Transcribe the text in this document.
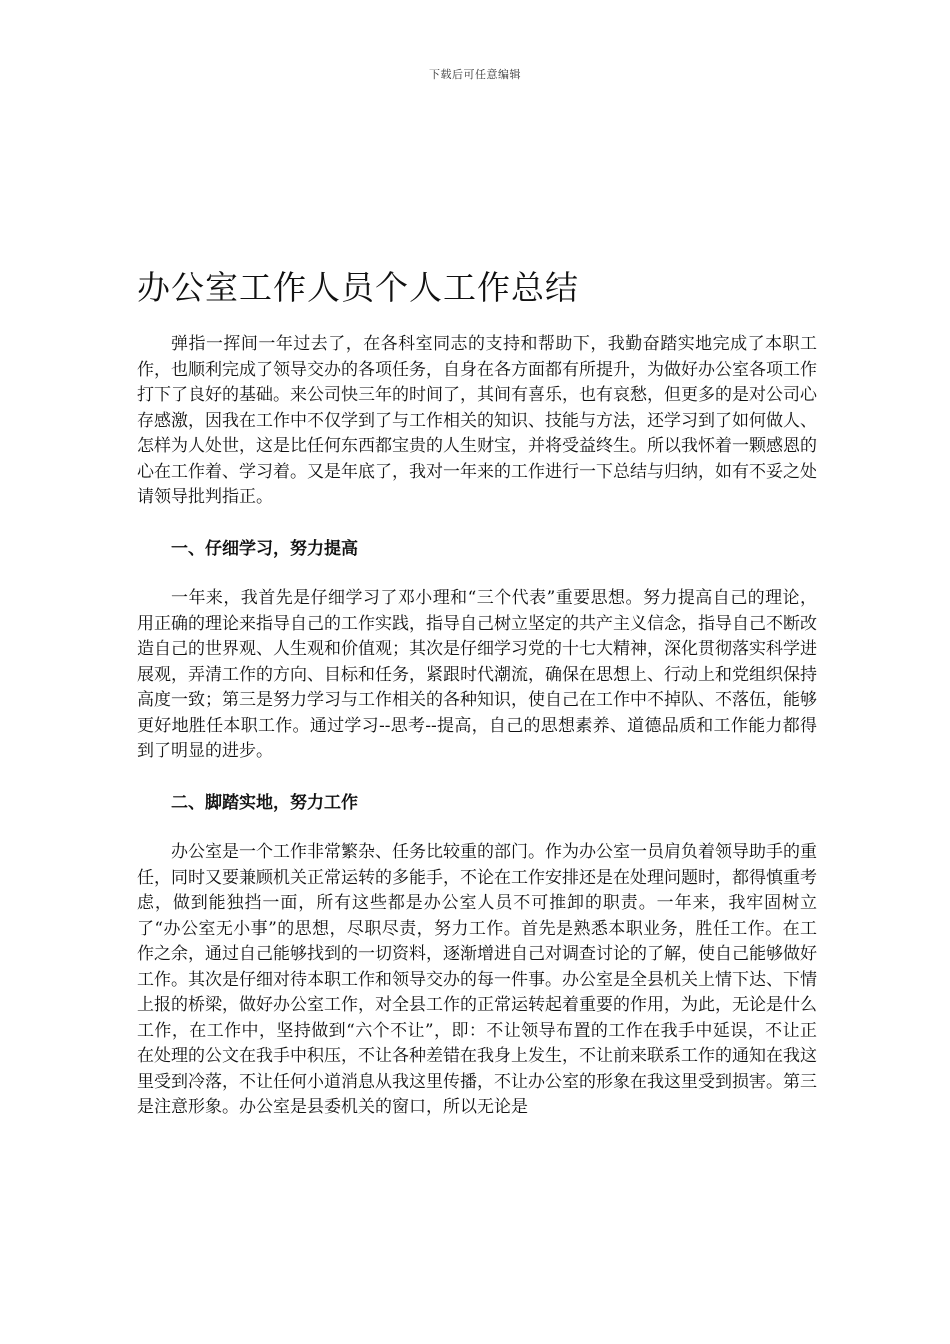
下载后可任意编辑
办公室工作人员个人工作总结

弹指一挥间一年过去了，在各科室同志的支持和帮助下，我勤奋踏实地完成了本职工作，也顺利完成了领导交办的各项任务，自身在各方面都有所提升，为做好办公室各项工作打下了良好的基础。来公司快三年的时间了，其间有喜乐，也有哀愁，但更多的是对公司心存感激，因我在工作中不仅学到了与工作相关的知识、技能与方法，还学习到了如何做人、怎样为人处世，这是比任何东西都宝贵的人生财宝，并将受益终生。所以我怀着一颗感恩的心在工作着、学习着。又是年底了，我对一年来的工作进行一下总结与归纳，如有不妥之处请领导批判指正。

一、仔细学习，努力提高

一年来，我首先是仔细学习了邓小理和“三个代表”重要思想。努力提高自己的理论，用正确的理论来指导自己的工作实践，指导自己树立坚定的共产主义信念，指导自己不断改造自己的世界观、人生观和价值观；其次是仔细学习党的十七大精神，深化贯彻落实科学进展观，弄清工作的方向、目标和任务，紧跟时代潮流，确保在思想上、行动上和党组织保持高度一致；第三是努力学习与工作相关的各种知识，使自己在工作中不掉队、不落伍，能够更好地胜任本职工作。通过学习--思考--提高，自己的思想素养、道德品质和工作能力都得到了明显的进步。

二、脚踏实地，努力工作

办公室是一个工作非常繁杂、任务比较重的部门。作为办公室一员肩负着领导助手的重任，同时又要兼顾机关正常运转的多能手，不论在工作安排还是在处理问题时，都得慎重考虑，做到能独挡一面，所有这些都是办公室人员不可推卸的职责。一年来，我牢固树立了“办公室无小事”的思想，尽职尽责，努力工作。首先是熟悉本职业务，胜任工作。在工作之余，通过自己能够找到的一切资料，逐渐增进自己对调查讨论的了解，使自己能够做好工作。其次是仔细对待本职工作和领导交办的每一件事。办公室是全县机关上情下达、下情上报的桥梁，做好办公室工作，对全县工作的正常运转起着重要的作用，为此，无论是什么工作，在工作中，坚持做到“六个不让”，即：不让领导布置的工作在我手中延误，不让正在处理的公文在我手中积压，不让各种差错在我身上发生，不让前来联系工作的通知在我这里受到冷落，不让任何小道消息从我这里传播，不让办公室的形象在我这里受到损害。第三是注意形象。办公室是县委机关的窗口，所以无论是
